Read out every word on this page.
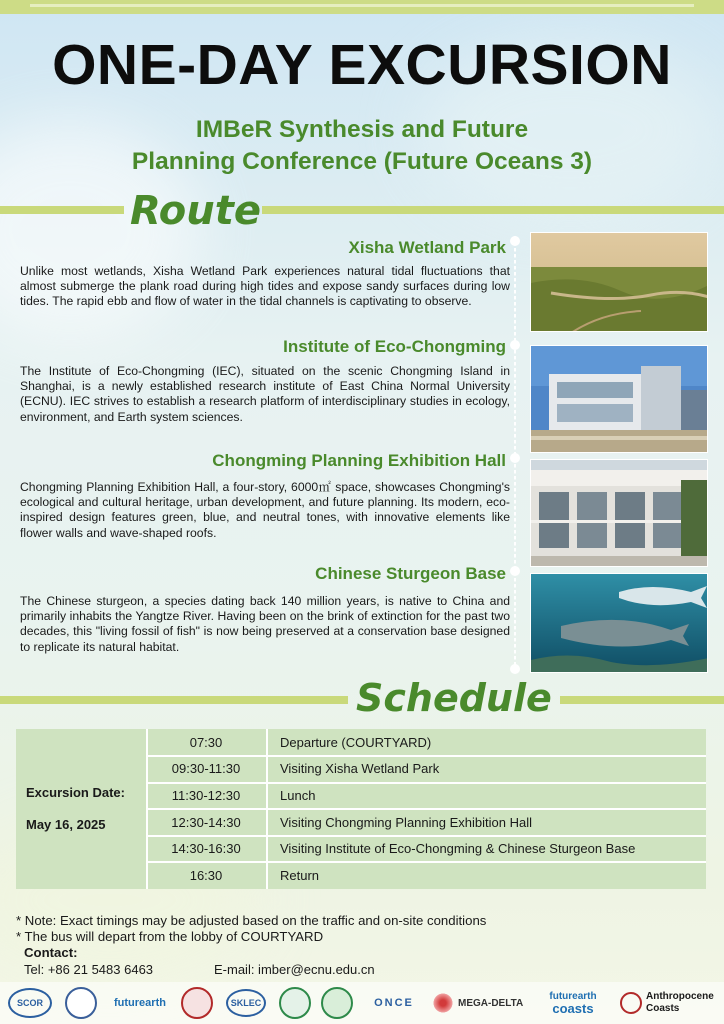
ONE-DAY EXCURSION
IMBeR Synthesis and Future
Planning Conference (Future Oceans 3)
Route
Xisha Wetland Park
Unlike most wetlands, Xisha Wetland Park experiences natural tidal fluctuations that almost submerge the plank road during high tides and expose sandy surfaces during low tides. The rapid ebb and flow of water in the tidal channels is captivating to observe.
Institute of Eco-Chongming
The Institute of Eco-Chongming (IEC), situated on the scenic Chongming Island in Shanghai, is a newly established research institute of East China Normal University (ECNU). IEC strives to establish a research platform of interdisciplinary studies in ecology, environment, and Earth system sciences.
Chongming Planning Exhibition Hall
Chongming Planning Exhibition Hall, a four-story, 6000㎡ space, showcases Chongming's ecological and cultural heritage, urban development, and future planning. Its modern, eco-inspired design features green, blue, and neutral tones, with innovative elements like flower walls and wave-shaped roofs.
Chinese Sturgeon Base
The Chinese sturgeon, a species dating back 140 million years, is native to China and primarily inhabits the Yangtze River. Having been on the brink of extinction for the past two decades, this "living fossil of fish" is now being preserved at a conservation base designed to replicate its natural habitat.
Schedule
Excursion Date:
May 16, 2025
07:30	Departure (COURTYARD)
09:30-11:30	Visiting Xisha Wetland Park
11:30-12:30	Lunch
12:30-14:30	Visiting Chongming Planning Exhibition Hall
14:30-16:30	Visiting Institute of Eco-Chongming & Chinese Sturgeon Base
16:30	Return
* Note: Exact timings may be adjusted based on the traffic and on-site conditions
* The bus will depart from the lobby of COURTYARD
Contact:
Tel: +86 21 5483 6463	E-mail: imber@ecnu.edu.cn
SCOR	futurearth	SKLEC	ONCE	MEGA-DELTA
futurearth
coasts
Anthropocene
Coasts
